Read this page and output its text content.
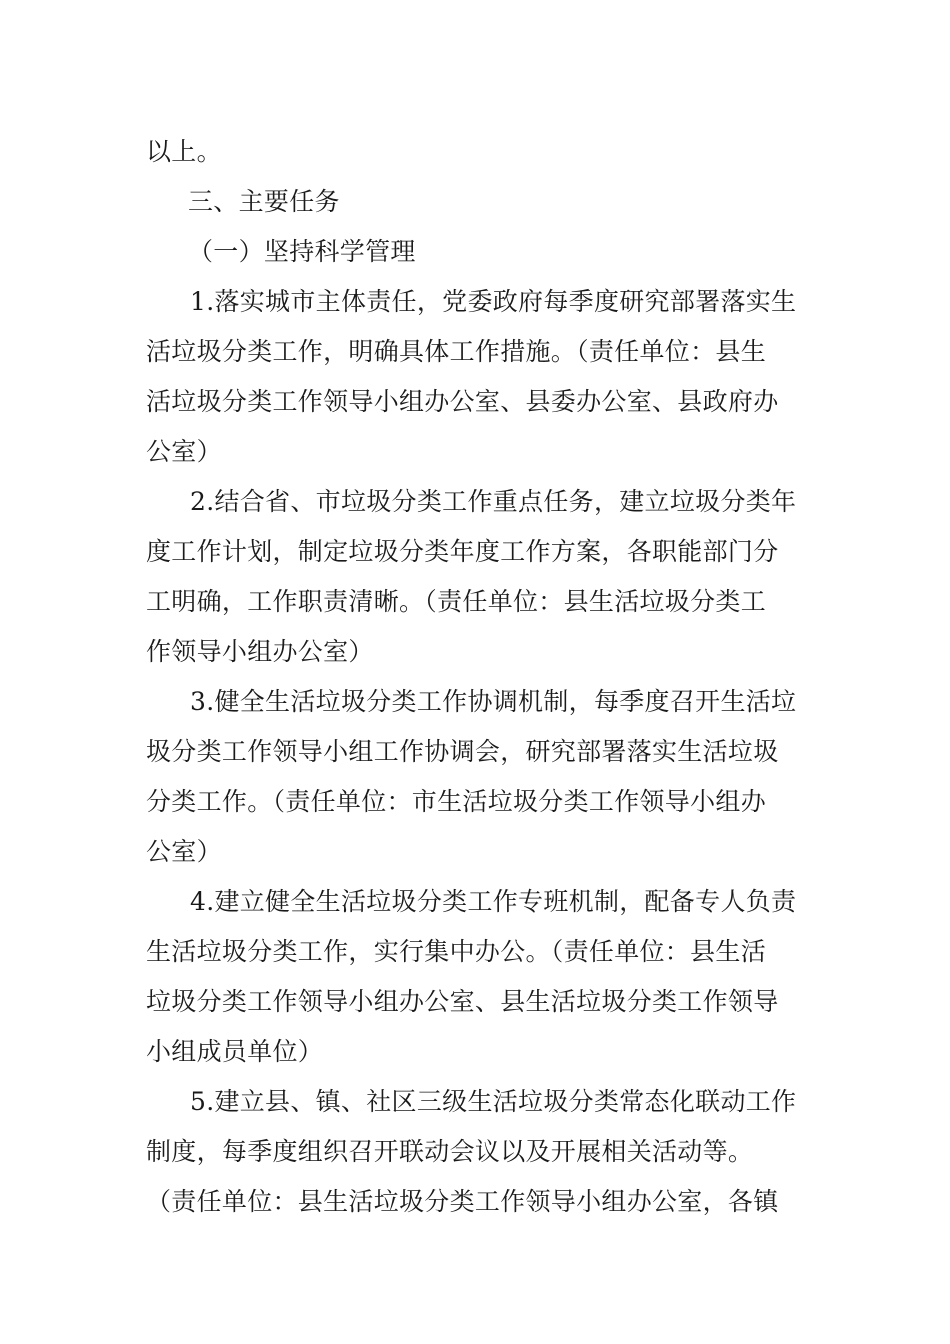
以上。
三、主要任务
（一）坚持科学管理
1.落实城市主体责任，党委政府每季度研究部署落实生
活垃圾分类工作，明确具体工作措施。（责任单位：县生
活垃圾分类工作领导小组办公室、县委办公室、县政府办
公室）
2.结合省、市垃圾分类工作重点任务，建立垃圾分类年
度工作计划，制定垃圾分类年度工作方案，各职能部门分
工明确，工作职责清晰。（责任单位：县生活垃圾分类工
作领导小组办公室）
3.健全生活垃圾分类工作协调机制，每季度召开生活垃
圾分类工作领导小组工作协调会，研究部署落实生活垃圾
分类工作。（责任单位：市生活垃圾分类工作领导小组办
公室）
4.建立健全生活垃圾分类工作专班机制，配备专人负责
生活垃圾分类工作，实行集中办公。（责任单位：县生活
垃圾分类工作领导小组办公室、县生活垃圾分类工作领导
小组成员单位）
5.建立县、镇、社区三级生活垃圾分类常态化联动工作
制度，每季度组织召开联动会议以及开展相关活动等。
（责任单位：县生活垃圾分类工作领导小组办公室，各镇
